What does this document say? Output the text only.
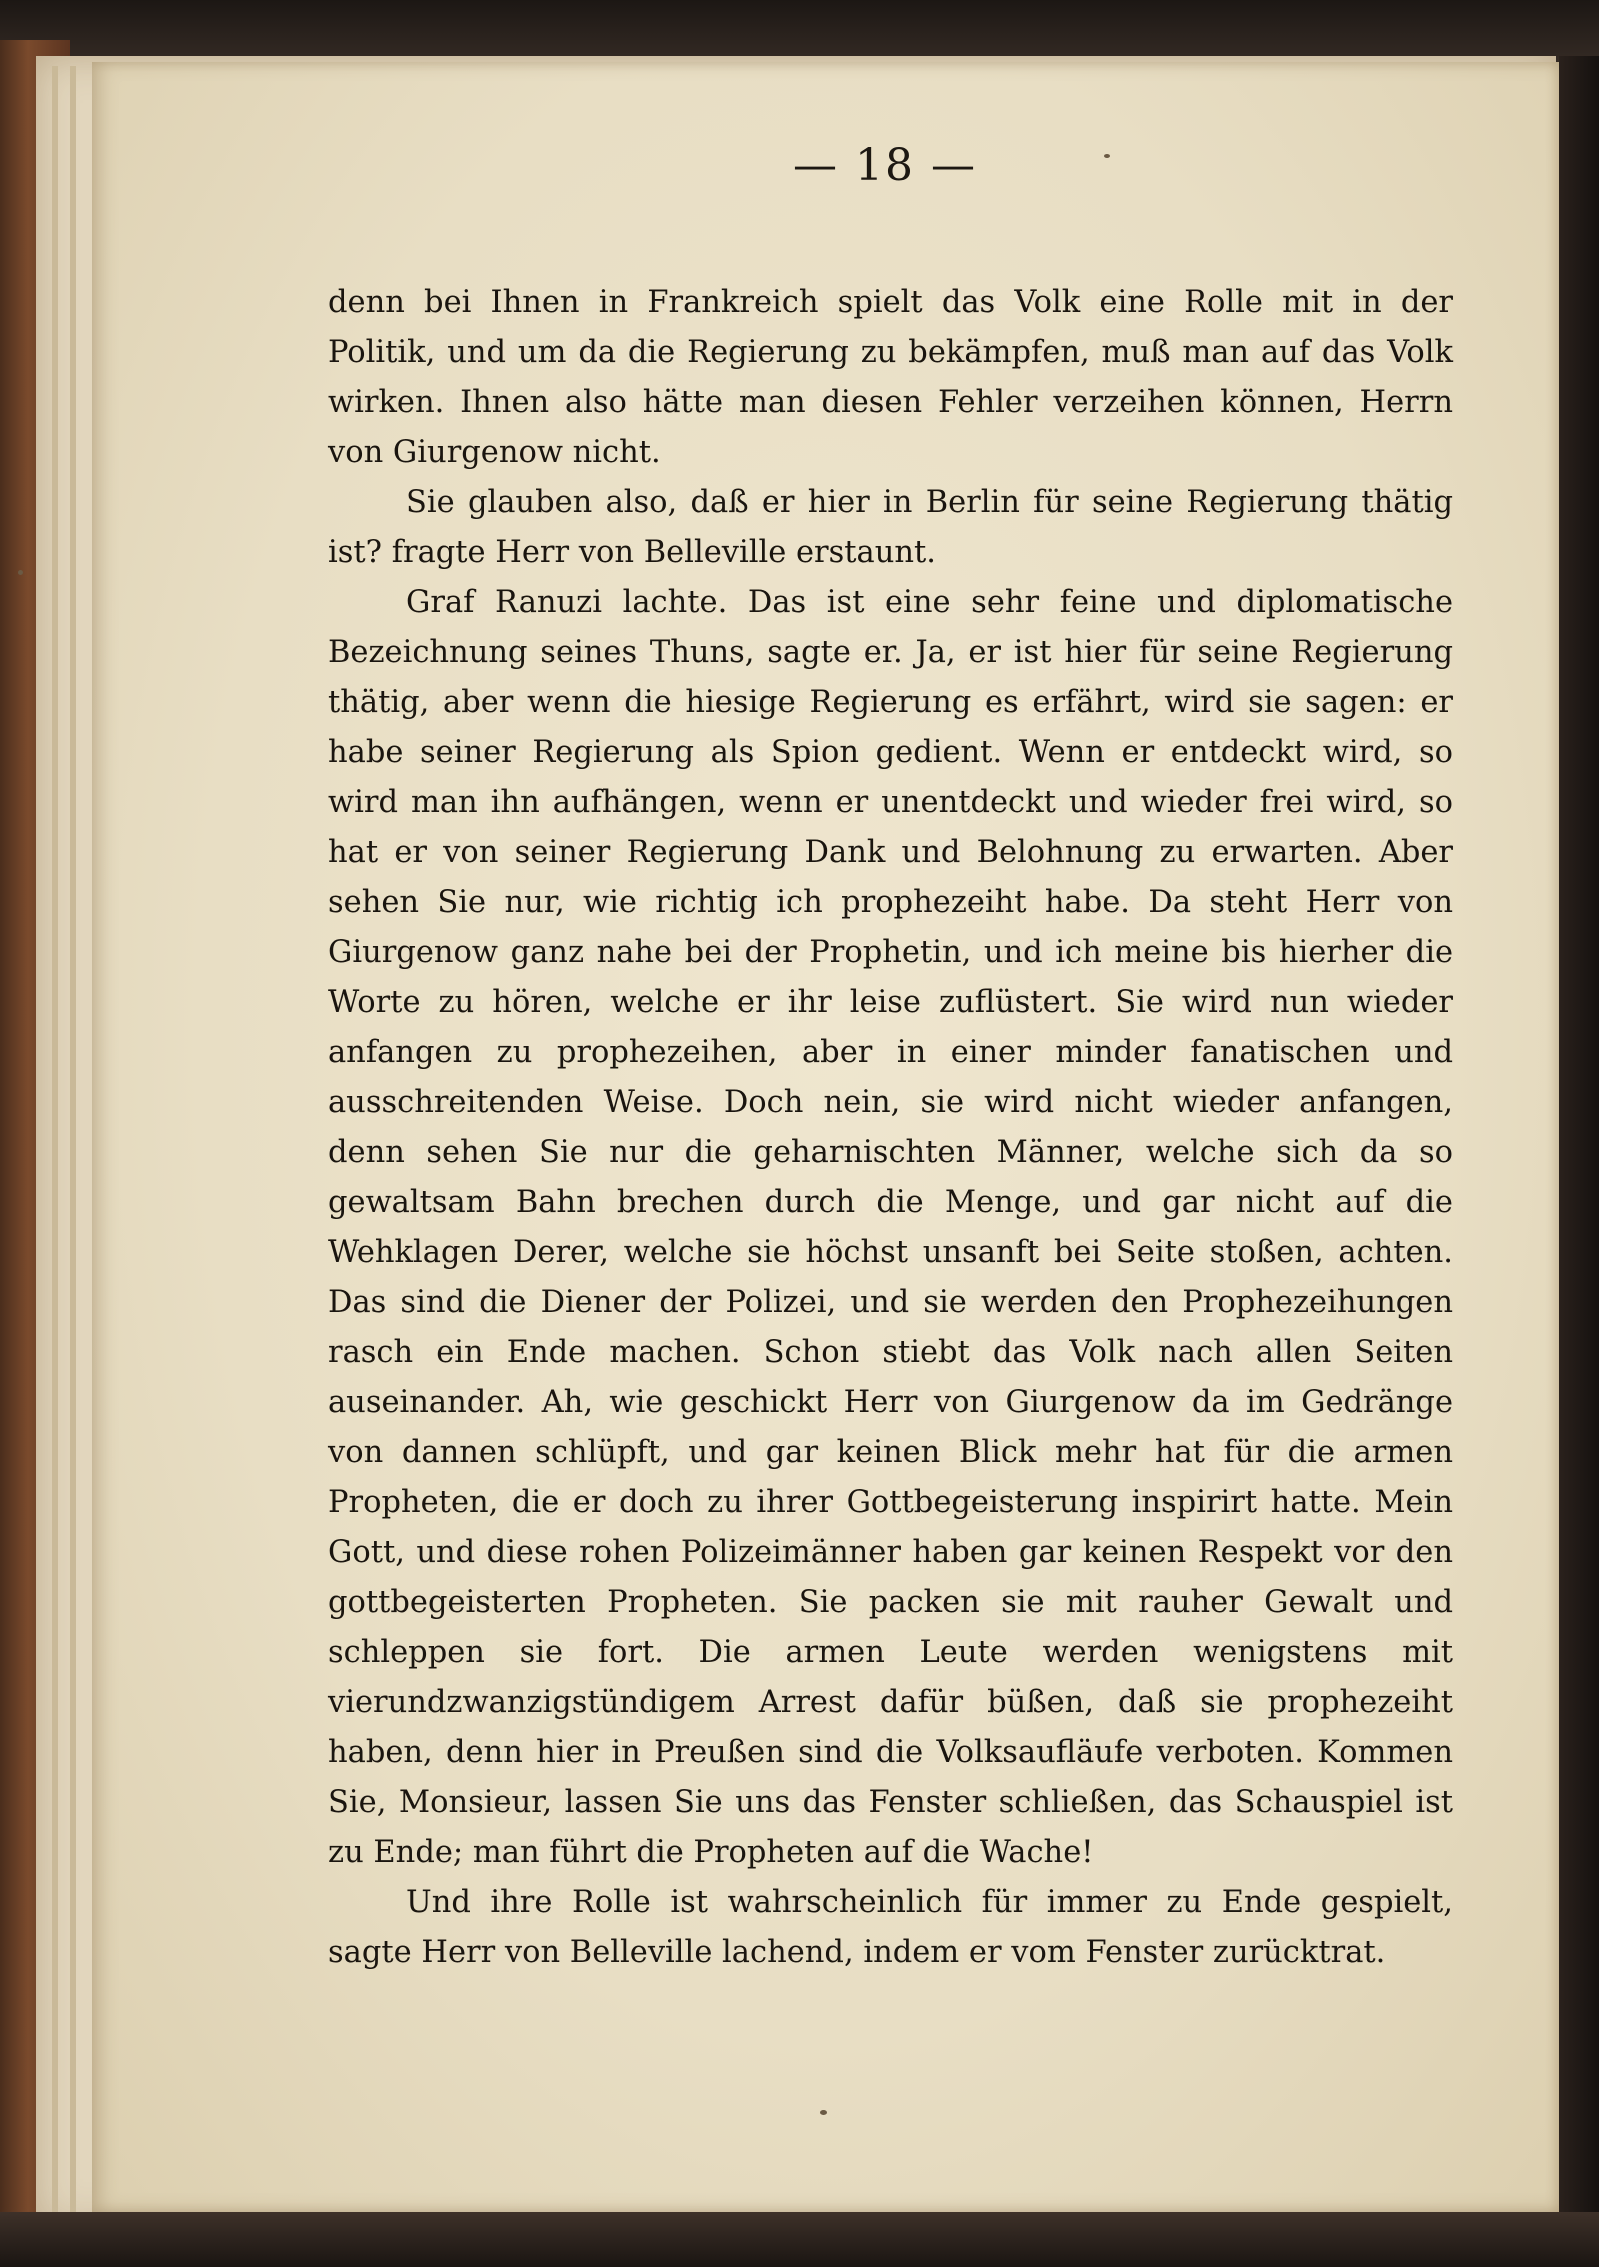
— 18 —

denn bei Ihnen in Frankreich spielt das Volk eine Rolle mit in der Politik, und um da die Regierung zu bekämpfen, muß man auf das Volk wirken. Ihnen also hätte man diesen Fehler verzeihen können, Herrn von Giurgenow nicht.

Sie glauben also, daß er hier in Berlin für seine Regierung thätig ist? fragte Herr von Belleville erstaunt.

Graf Ranuzi lachte. Das ist eine sehr feine und diplomatische Bezeichnung seines Thuns, sagte er. Ja, er ist hier für seine Regierung thätig, aber wenn die hiesige Regierung es erfährt, wird sie sagen: er habe seiner Regierung als Spion gedient. Wenn er entdeckt wird, so wird man ihn aufhängen, wenn er unentdeckt und wieder frei wird, so hat er von seiner Regierung Dank und Belohnung zu erwarten. Aber sehen Sie nur, wie richtig ich prophezeiht habe. Da steht Herr von Giurgenow ganz nahe bei der Prophetin, und ich meine bis hierher die Worte zu hören, welche er ihr leise zuflüstert. Sie wird nun wieder anfangen zu prophezeihen, aber in einer minder fanatischen und ausschreitenden Weise. Doch nein, sie wird nicht wieder anfangen, denn sehen Sie nur die geharnischten Männer, welche sich da so gewaltsam Bahn brechen durch die Menge, und gar nicht auf die Wehklagen Derer, welche sie höchst unsanft bei Seite stoßen, achten. Das sind die Diener der Polizei, und sie werden den Prophezeihungen rasch ein Ende machen. Schon stiebt das Volk nach allen Seiten auseinander. Ah, wie geschickt Herr von Giurgenow da im Gedränge von dannen schlüpft, und gar keinen Blick mehr hat für die armen Propheten, die er doch zu ihrer Gottbegeisterung inspirirt hatte. Mein Gott, und diese rohen Polizeimänner haben gar keinen Respekt vor den gottbegeisterten Propheten. Sie packen sie mit rauher Gewalt und schleppen sie fort. Die armen Leute werden wenigstens mit vierundzwanzigstündigem Arrest dafür büßen, daß sie prophezeiht haben, denn hier in Preußen sind die Volksaufläufe verboten. Kommen Sie, Monsieur, lassen Sie uns das Fenster schließen, das Schauspiel ist zu Ende; man führt die Propheten auf die Wache!

Und ihre Rolle ist wahrscheinlich für immer zu Ende gespielt, sagte Herr von Belleville lachend, indem er vom Fenster zurücktrat.
